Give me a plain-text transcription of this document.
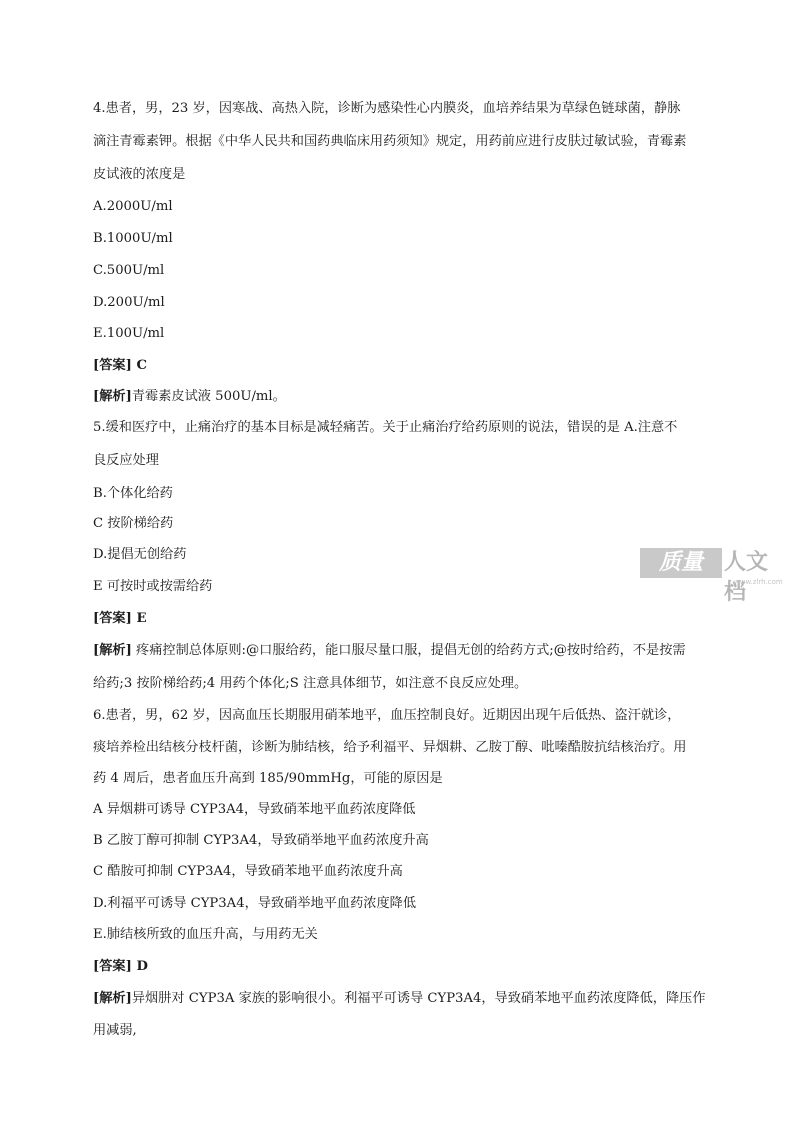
4.患者，男，23 岁，因寒战、高热入院，诊断为感染性心内膜炎，血培养结果为草绿色链球菌，静脉
滴注青霉素钾。根据《中华人民共和国药典临床用药须知》规定，用药前应进行皮肤过敏试验，青霉素
皮试液的浓度是
A.2000U/ml
B.1000U/ml
C.500U/ml
D.200U/ml
E.100U/ml
[答案] C
[解析]青霉素皮试液 500U/ml。
5.缓和医疗中，止痛治疗的基本目标是减轻痛苦。关于止痛治疗给药原则的说法，错误的是 A.注意不
良反应处理
B.个体化给药
C 按阶梯给药
D.提倡无创给药
E 可按时或按需给药
[答案] E
[解析] 疼痛控制总体原则:@口服给药，能口服尽量口服，提倡无创的给药方式;@按时给药，不是按需
给药;3 按阶梯给药;4 用药个体化;S 注意具体细节，如注意不良反应处理。
6.患者，男，62 岁，因高血压长期服用硝苯地平，血压控制良好。近期因出现午后低热、盗汗就诊，
痰培养检出结核分枝杆菌，诊断为肺结核，给予利福平、异烟耕、乙胺丁醇、吡嗪酷胺抗结核治疗。用
药 4 周后，患者血压升高到 185/90mmHg，可能的原因是
A 异烟耕可诱导 CYP3A4，导致硝苯地平血药浓度降低
B 乙胺丁醇可抑制 CYP3A4，导致硝举地平血药浓度升高
C 酷胺可抑制 CYP3A4，导致硝苯地平血药浓度升高
D.利福平可诱导 CYP3A4，导致硝举地平血药浓度降低
E.肺结核所致的血压升高，与用药无关
[答案] D
[解析]异烟肼对 CYP3A 家族的影响很小。利福平可诱导 CYP3A4，导致硝苯地平血药浓度降低，降压作
用减弱,
质量 人文档
www.zlrh.com
